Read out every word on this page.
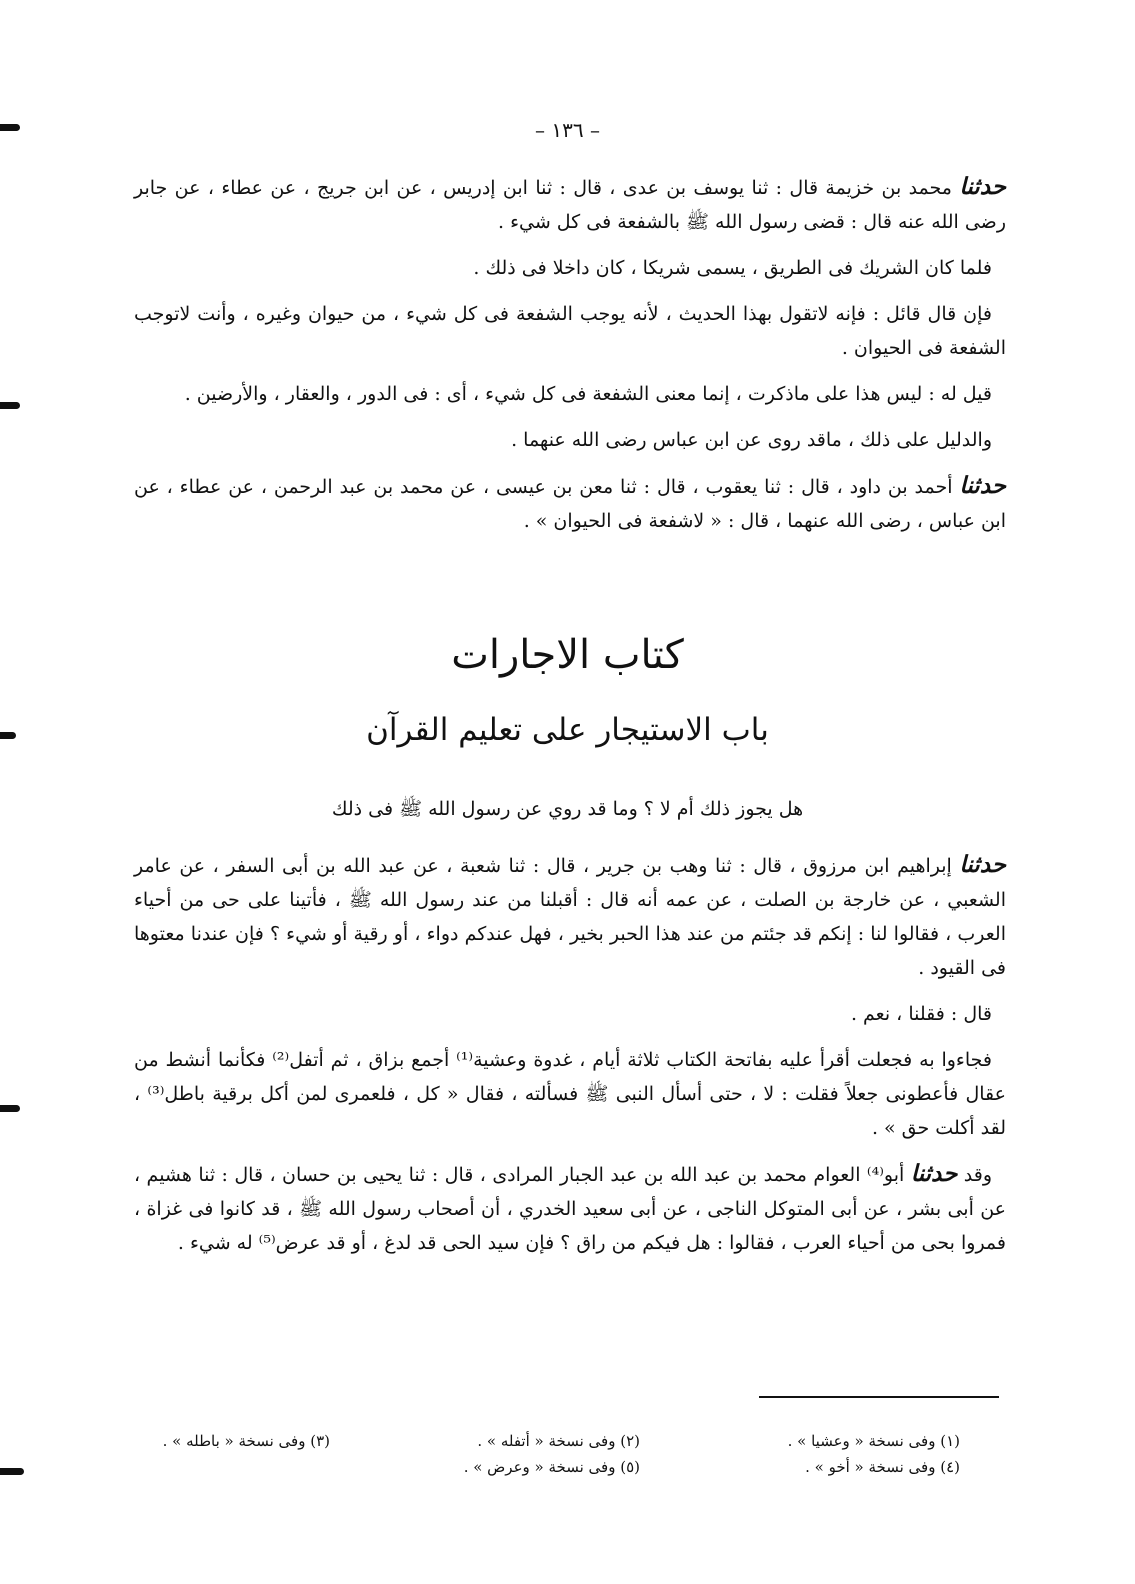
– ١٣٦ –

حدثنا محمد بن خزيمة قال : ثنا يوسف بن عدى ، قال : ثنا ابن إدريس ، عن ابن جريج ، عن عطاء ، عن جابر رضى الله عنه قال : قضى رسول الله ﷺ بالشفعة فى كل شيء .

فلما كان الشريك فى الطريق ، يسمى شريكا ، كان داخلا فى ذلك .

فإن قال قائل : فإنه لاتقول بهذا الحديث ، لأنه يوجب الشفعة فى كل شيء ، من حيوان وغيره ، وأنت لاتوجب الشفعة فى الحيوان .

قيل له : ليس هذا على ماذكرت ، إنما معنى الشفعة فى كل شيء ، أى : فى الدور ، والعقار ، والأرضين .

والدليل على ذلك ، ماقد روى عن ابن عباس رضى الله عنهما .

حدثنا أحمد بن داود ، قال : ثنا يعقوب ، قال : ثنا معن بن عيسى ، عن محمد بن عبد الرحمن ، عن عطاء ، عن ابن عباس ، رضى الله عنهما ، قال : « لاشفعة فى الحيوان » .

كتاب الاجارات
باب الاستيجار على تعليم القرآن
هل يجوز ذلك أم لا ؟ وما قد روي عن رسول الله ﷺ فى ذلك

حدثنا إبراهيم ابن مرزوق ، قال : ثنا وهب بن جرير ، قال : ثنا شعبة ، عن عبد الله بن أبى السفر ، عن عامر الشعبي ، عن خارجة بن الصلت ، عن عمه أنه قال : أقبلنا من عند رسول الله ﷺ ، فأتينا على حى من أحياء العرب ، فقالوا لنا : إنكم قد جئتم من عند هذا الحبر بخير ، فهل عندكم دواء ، أو رقية أو شيء ؟ فإن عندنا معتوها فى القيود .

قال : فقلنا ، نعم .

فجاءوا به فجعلت أقرأ عليه بفاتحة الكتاب ثلاثة أيام ، غدوة وعشية⁽¹⁾ أجمع بزاق ، ثم أتفل⁽²⁾ فكأنما أنشط من عقال فأعطونى جعلاً فقلت : لا ، حتى أسأل النبى ﷺ فسألته ، فقال « كل ، فلعمرى لمن أكل برقية باطل⁽³⁾ ، لقد أكلت حق » .

وقد حدثنا أبو⁽⁴⁾ العوام محمد بن عبد الله بن عبد الجبار المرادى ، قال : ثنا يحيى بن حسان ، قال : ثنا هشيم ، عن أبى بشر ، عن أبى المتوكل الناجى ، عن أبى سعيد الخدري ، أن أصحاب رسول الله ﷺ ، قد كانوا فى غزاة ، فمروا بحى من أحياء العرب ، فقالوا : هل فيكم من راق ؟ فإن سيد الحى قد لدغ ، أو قد عرض⁽⁵⁾ له شيء .

(١) وفى نسخة « وعشيا » .
(٢) وفى نسخة « أتفله » .
(٣) وفى نسخة « باطله » .
(٤) وفى نسخة « أخو » .
(٥) وفى نسخة « وعرض » .
